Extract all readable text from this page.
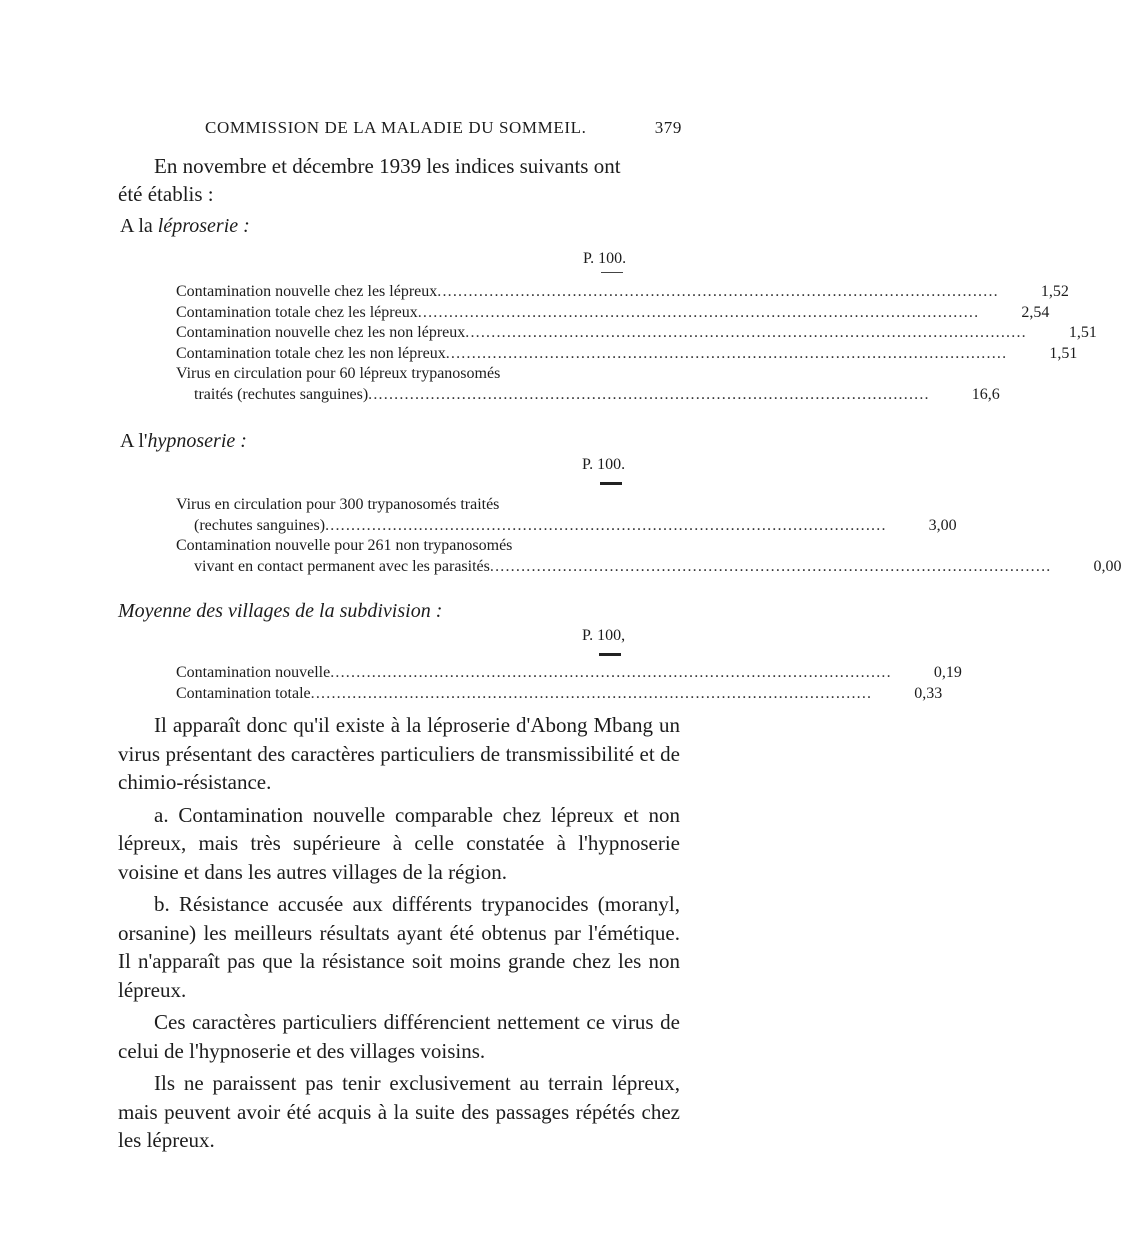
COMMISSION DE LA MALADIE DU SOMMEIL.	379

En novembre et décembre 1939 les indices suivants ont

été établis :

A la léproserie :
P. 100.
Contamination nouvelle chez les lépreux ............................................................................................................	1,52
Contamination totale chez les lépreux ............................................................................................................	2,54
Contamination nouvelle chez les non lépreux ............................................................................................................	1,51
Contamination totale chez les non lépreux ............................................................................................................	1,51
Virus en circulation pour 60 lépreux trypanosomés
traités (rechutes sanguines) ............................................................................................................	16,6
A l'hypnoserie :
P. 100.
Virus en circulation pour 300 trypanosomés traités
(rechutes sanguines) ............................................................................................................	3,00
Contamination nouvelle pour 261 non trypanosomés
vivant en contact permanent avec les parasités ............................................................................................................	0,00
Moyenne des villages de la subdivision :
P. 100,
Contamination nouvelle ............................................................................................................	0,19
Contamination totale ............................................................................................................	0,33

Il apparaît donc qu'il existe à la léproserie d'Abong Mbang un virus présentant des caractères particuliers de transmissibilité et de chimio-résistance.

a. Contamination nouvelle comparable chez lépreux et non lépreux, mais très supérieure à celle constatée à l'hypnoserie voisine et dans les autres villages de la région.

b. Résistance accusée aux différents trypanocides (moranyl, orsanine) les meilleurs résultats ayant été obtenus par l'émétique. Il n'apparaît pas que la résistance soit moins grande chez les non lépreux.

Ces caractères particuliers différencient nettement ce virus de celui de l'hypnoserie et des villages voisins.

Ils ne paraissent pas tenir exclusivement au terrain lépreux, mais peuvent avoir été acquis à la suite des passages répétés chez les lépreux.
